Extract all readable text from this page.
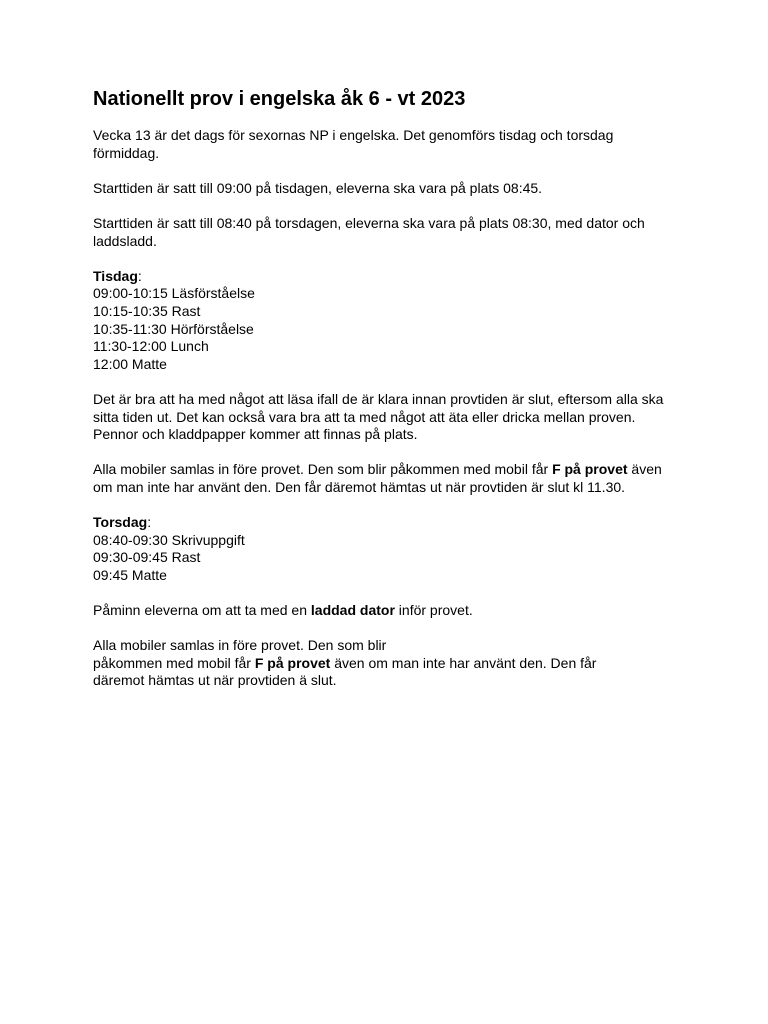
Nationellt prov i engelska åk 6 - vt 2023

Vecka 13 är det dags för sexornas NP i engelska. Det genomförs tisdag och torsdag
förmiddag.

Starttiden är satt till 09:00 på tisdagen, eleverna ska vara på plats 08:45.

Starttiden är satt till 08:40 på torsdagen, eleverna ska vara på plats 08:30, med dator och
laddsladd.

Tisdag:
09:00-10:15 Läsförståelse
10:15-10:35 Rast
10:35-11:30 Hörförståelse
11:30-12:00 Lunch
12:00 Matte

Det är bra att ha med något att läsa ifall de är klara innan provtiden är slut, eftersom alla ska
sitta tiden ut. Det kan också vara bra att ta med något att äta eller dricka mellan proven.
Pennor och kladdpapper kommer att finnas på plats.

Alla mobiler samlas in före provet. Den som blir påkommen med mobil får F på provet även
om man inte har använt den. Den får däremot hämtas ut när provtiden är slut kl 11.30.

Torsdag:
08:40-09:30 Skrivuppgift
09:30-09:45 Rast
09:45 Matte

Påminn eleverna om att ta med en laddad dator inför provet.

Alla mobiler samlas in före provet. Den som blir
påkommen med mobil får F på provet även om man inte har använt den. Den får
däremot hämtas ut när provtiden ä slut.
